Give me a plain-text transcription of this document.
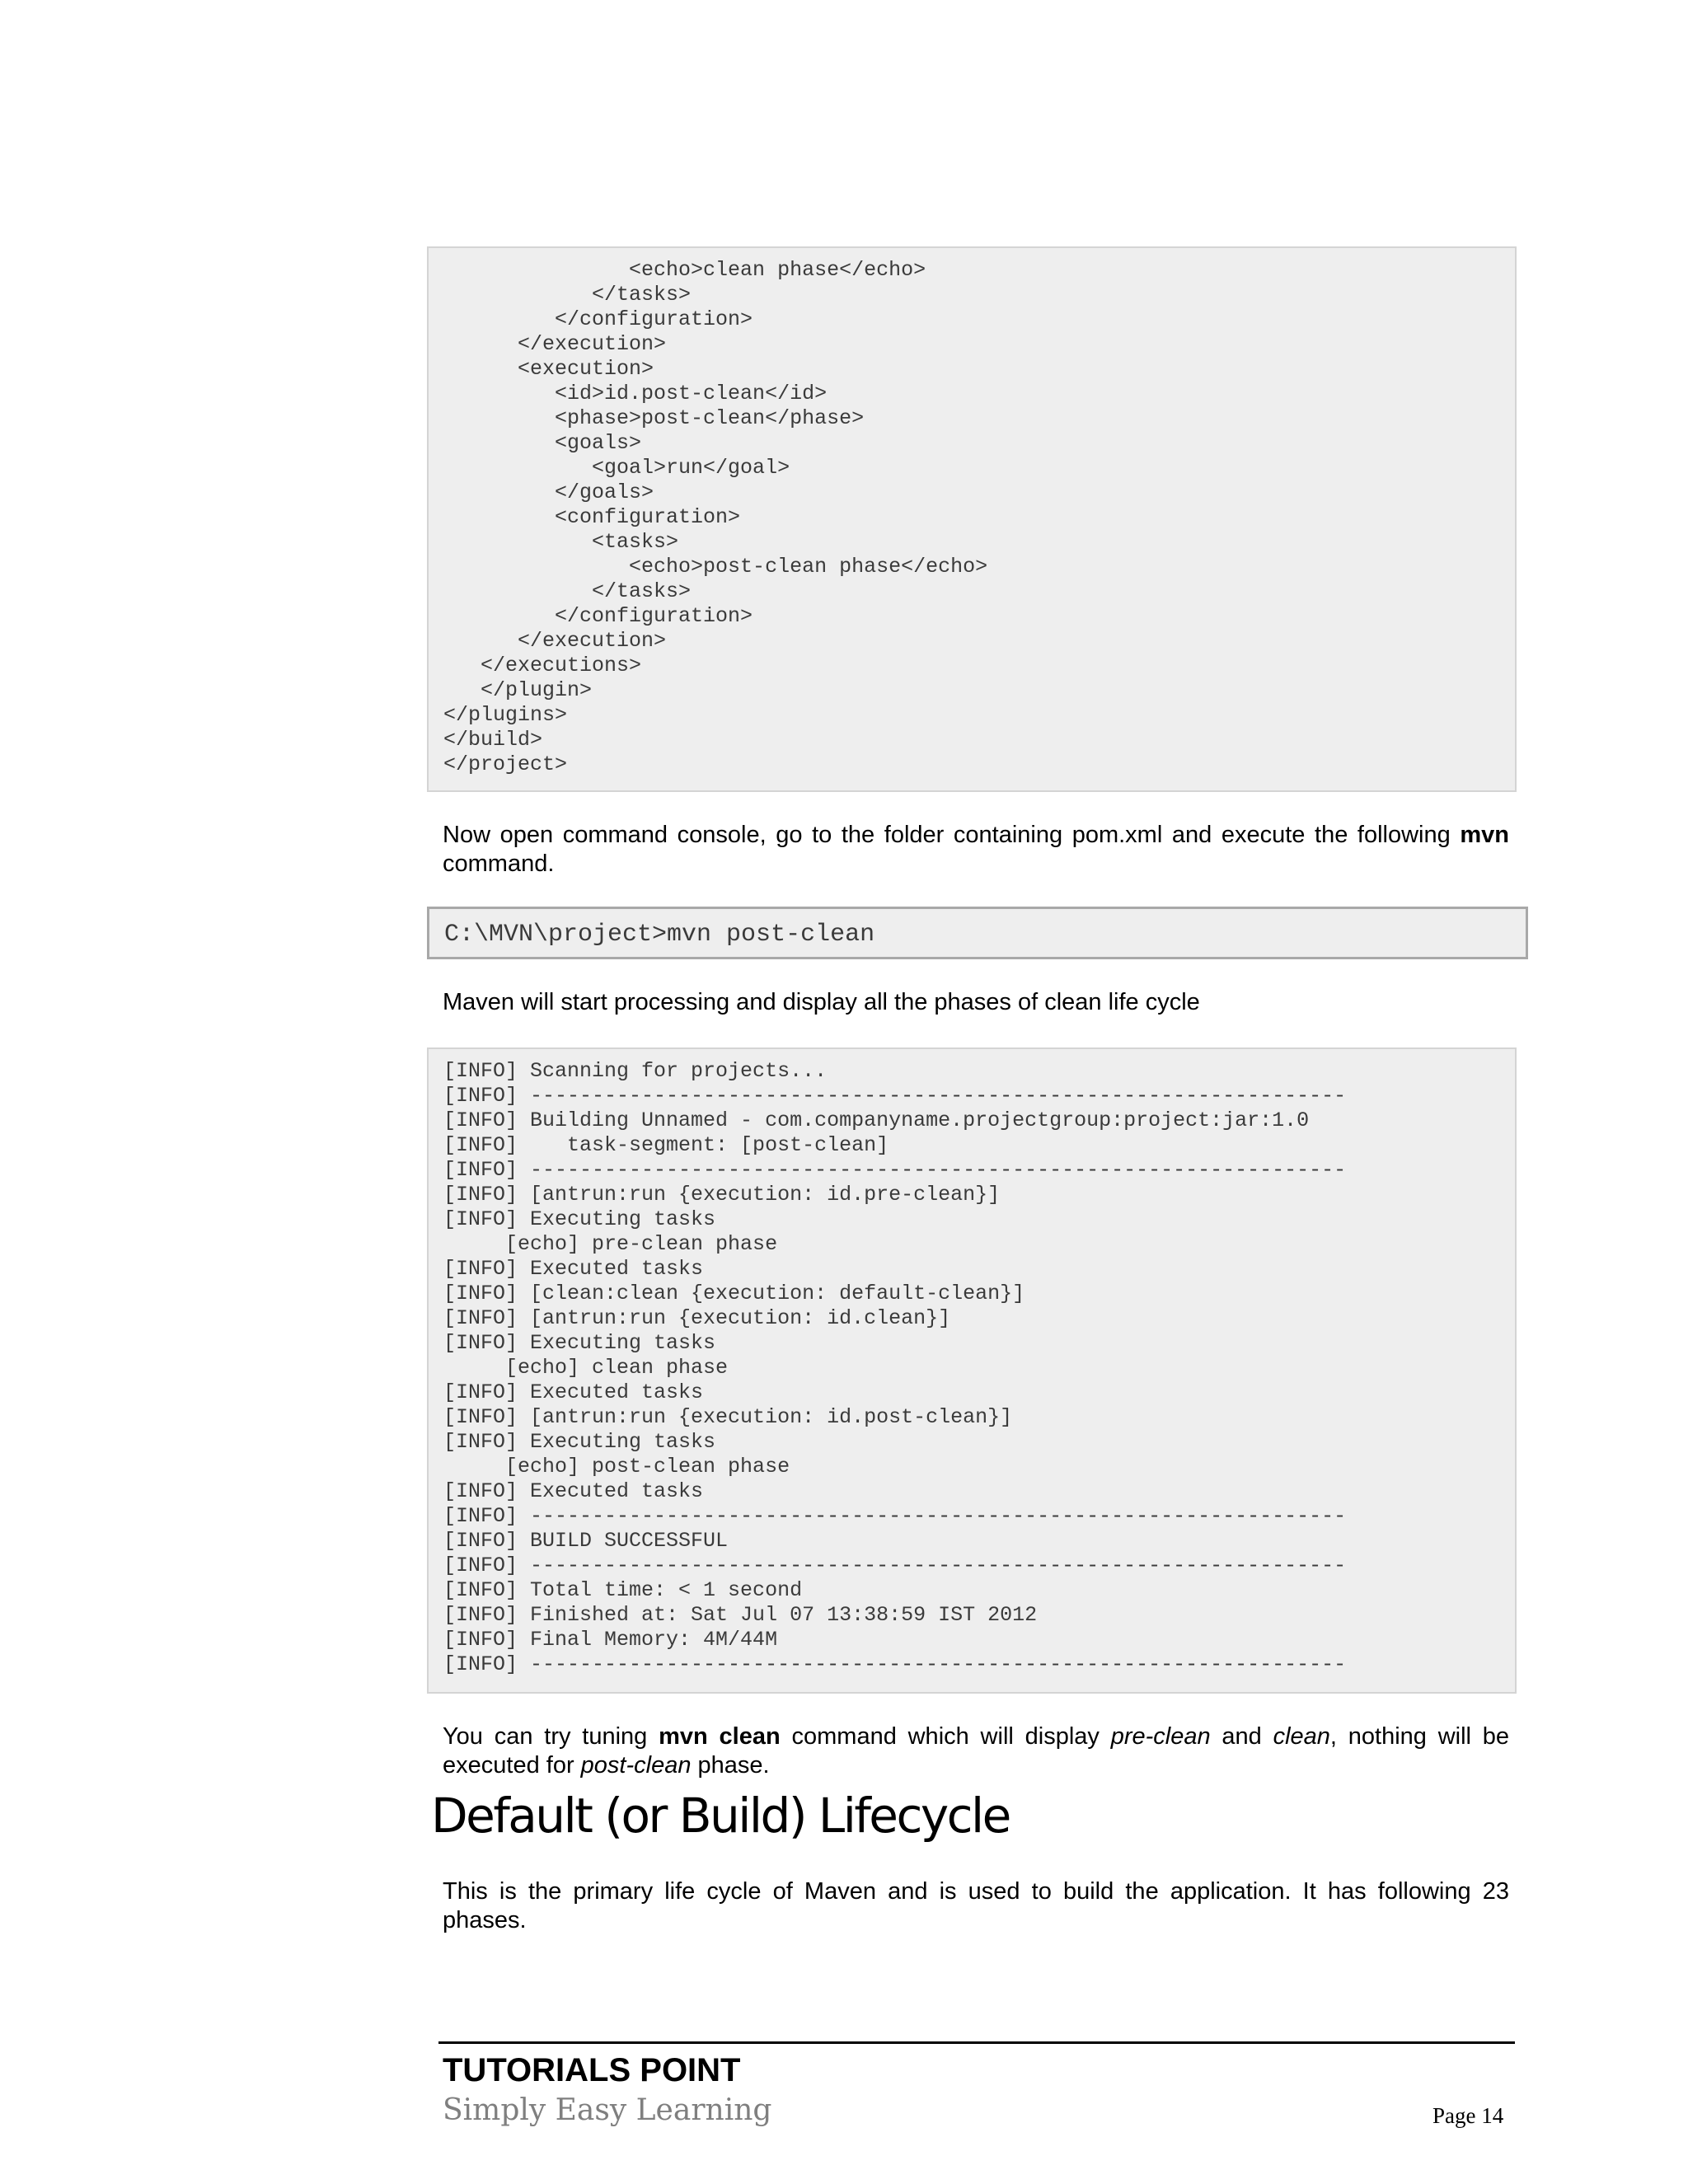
<echo>clean phase</echo>
</tasks>
</configuration>
</execution>
<execution>
<id>id.post-clean</id>
<phase>post-clean</phase>
<goals>
<goal>run</goal>
</goals>
<configuration>
<tasks>
<echo>post-clean phase</echo>
</tasks>
</configuration>
</execution>
</executions>
</plugin>
</plugins>
</build>
</project>

Now open command console, go to the folder containing pom.xml and execute the following mvn command.

C:\MVN\project>mvn post-clean

Maven will start processing and display all the phases of clean life cycle

[INFO] Scanning for projects...
[INFO] ------------------------------------------------------------------
[INFO] Building Unnamed - com.companyname.projectgroup:project:jar:1.0
[INFO]    task-segment: [post-clean]
[INFO] ------------------------------------------------------------------
[INFO] [antrun:run {execution: id.pre-clean}]
[INFO] Executing tasks
[echo] pre-clean phase
[INFO] Executed tasks
[INFO] [clean:clean {execution: default-clean}]
[INFO] [antrun:run {execution: id.clean}]
[INFO] Executing tasks
[echo] clean phase
[INFO] Executed tasks
[INFO] [antrun:run {execution: id.post-clean}]
[INFO] Executing tasks
[echo] post-clean phase
[INFO] Executed tasks
[INFO] ------------------------------------------------------------------
[INFO] BUILD SUCCESSFUL
[INFO] ------------------------------------------------------------------
[INFO] Total time: < 1 second
[INFO] Finished at: Sat Jul 07 13:38:59 IST 2012
[INFO] Final Memory: 4M/44M
[INFO] ------------------------------------------------------------------

You can try tuning mvn clean command which will display pre-clean and clean, nothing will be executed for post-clean phase.

Default (or Build) Lifecycle

This is the primary life cycle of Maven and is used to build the application. It has following 23 phases.

TUTORIALS POINT

Simply Easy Learning	Page 14
